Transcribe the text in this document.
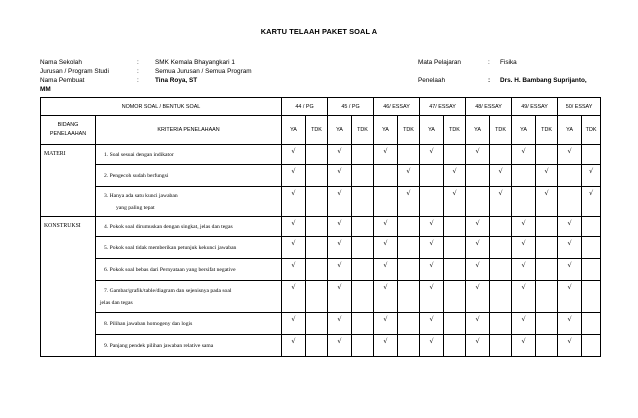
KARTU TELAAH PAKET SOAL A
Nama Sekolah	:	SMK Kemala Bhayangkari 1
Jurusan / Program Studi	:	Semua Jurusan / Semua Program
Nama Pembuat	:	Tina Roya, ST
MM
Mata Pelajaran	: Fisika
Penelaah	: Drs. H. Bambang Suprijanto,
NOMOR SOAL / BENTUK SOAL		44 / PG		45 / PG		46/ ESSAY		47/ ESSAY		48/ ESSAY		49/ ESSAY		50/ ESSAY	
BIDANG PENELAAHAN	KRITERIA PENELAHAAN	YA	TDK	YA	TDK	YA	TDK	YA	TDK	YA	TDK	YA	TDK	YA	TDK
MATERI	1. Soal sesuai dengan indikator	√		√		√		√		√		√		√	
	2. Pengecoh sudah berfungsi	√		√			√		√		√		√		√

	3. Hanya ada satu kunci jawaban
yang paling tepat	√		√			√		√		√		√		√
KONSTRUKSI	4. Pokok soal dirumuskan dengan singkat, jelas dan tegas	√		√		√		√		√		√		√	
	5. Pokok soal tidak memberikan petunjuk kekunci jawaban	√		√		√		√		√		√		√	
	6. Pokok soal bebas dari Pernyataan yang bersifat negative	√		√		√		√		√		√		√	

	7. Gambar/grafik/table/diagram dan sejenisnya pada soal
jelas dan tegas	√		√		√		√		√		√		√	
	8. Pilihan jawaban homogeny dan logis	√		√		√		√		√		√		√	
	9. Panjang pendek pilihan jawaban relative sama	√		√		√		√		√		√		√	
